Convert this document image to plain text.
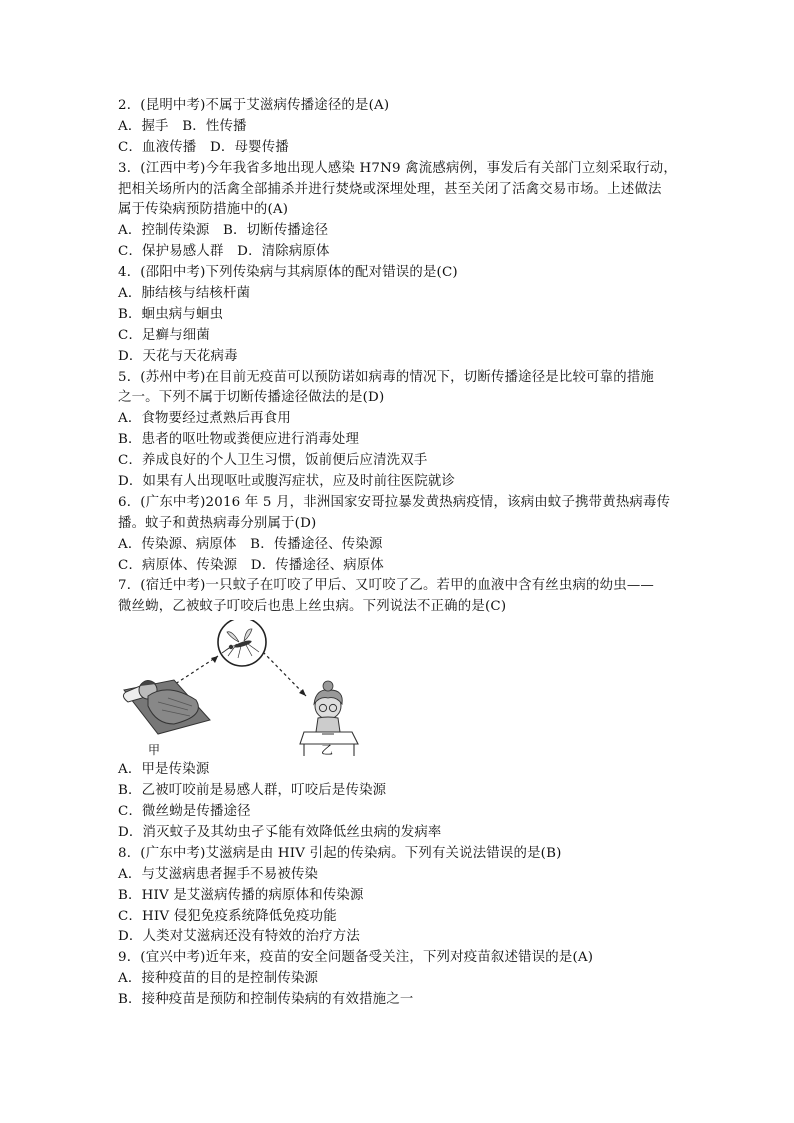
2．(昆明中考)不属于艾滋病传播途径的是(A)
A．握手　B．性传播
C．血液传播　D．母婴传播
3．(江西中考)今年我省多地出现人感染 H7N9 禽流感病例，事发后有关部门立刻采取行动，
把相关场所内的活禽全部捕杀并进行焚烧或深埋处理，甚至关闭了活禽交易市场。上述做法
属于传染病预防措施中的(A)
A．控制传染源　B．切断传播途径
C．保护易感人群　D．清除病原体
4．(邵阳中考)下列传染病与其病原体的配对错误的是(C)
A．肺结核与结核杆菌
B．蛔虫病与蛔虫
C．足癣与细菌
D．天花与天花病毒
5．(苏州中考)在目前无疫苗可以预防诺如病毒的情况下，切断传播途径是比较可靠的措施
之一。下列不属于切断传播途径做法的是(D)
A．食物要经过煮熟后再食用
B．患者的呕吐物或粪便应进行消毒处理
C．养成良好的个人卫生习惯，饭前便后应清洗双手
D．如果有人出现呕吐或腹泻症状，应及时前往医院就诊
6．(广东中考)2016 年 5 月，非洲国家安哥拉暴发黄热病疫情，该病由蚊子携带黄热病毒传
播。蚊子和黄热病毒分别属于(D)
A．传染源、病原体　B．传播途径、传染源
C．病原体、传染源　D．传播途径、病原体
7．(宿迁中考)一只蚊子在叮咬了甲后、又叮咬了乙。若甲的血液中含有丝虫病的幼虫——
微丝蚴，乙被蚊子叮咬后也患上丝虫病。下列说法不正确的是(C)
甲	乙
A．甲是传染源
B．乙被叮咬前是易感人群，叮咬后是传染源
C．微丝蚴是传播途径
D．消灭蚊子及其幼虫孑孓能有效降低丝虫病的发病率
8．(广东中考)艾滋病是由 HIV 引起的传染病。下列有关说法错误的是(B)
A．与艾滋病患者握手不易被传染
B．HIV 是艾滋病传播的病原体和传染源
C．HIV 侵犯免疫系统降低免疫功能
D．人类对艾滋病还没有特效的治疗方法
9．(宜兴中考)近年来，疫苗的安全问题备受关注，下列对疫苗叙述错误的是(A)
A．接种疫苗的目的是控制传染源
B．接种疫苗是预防和控制传染病的有效措施之一
